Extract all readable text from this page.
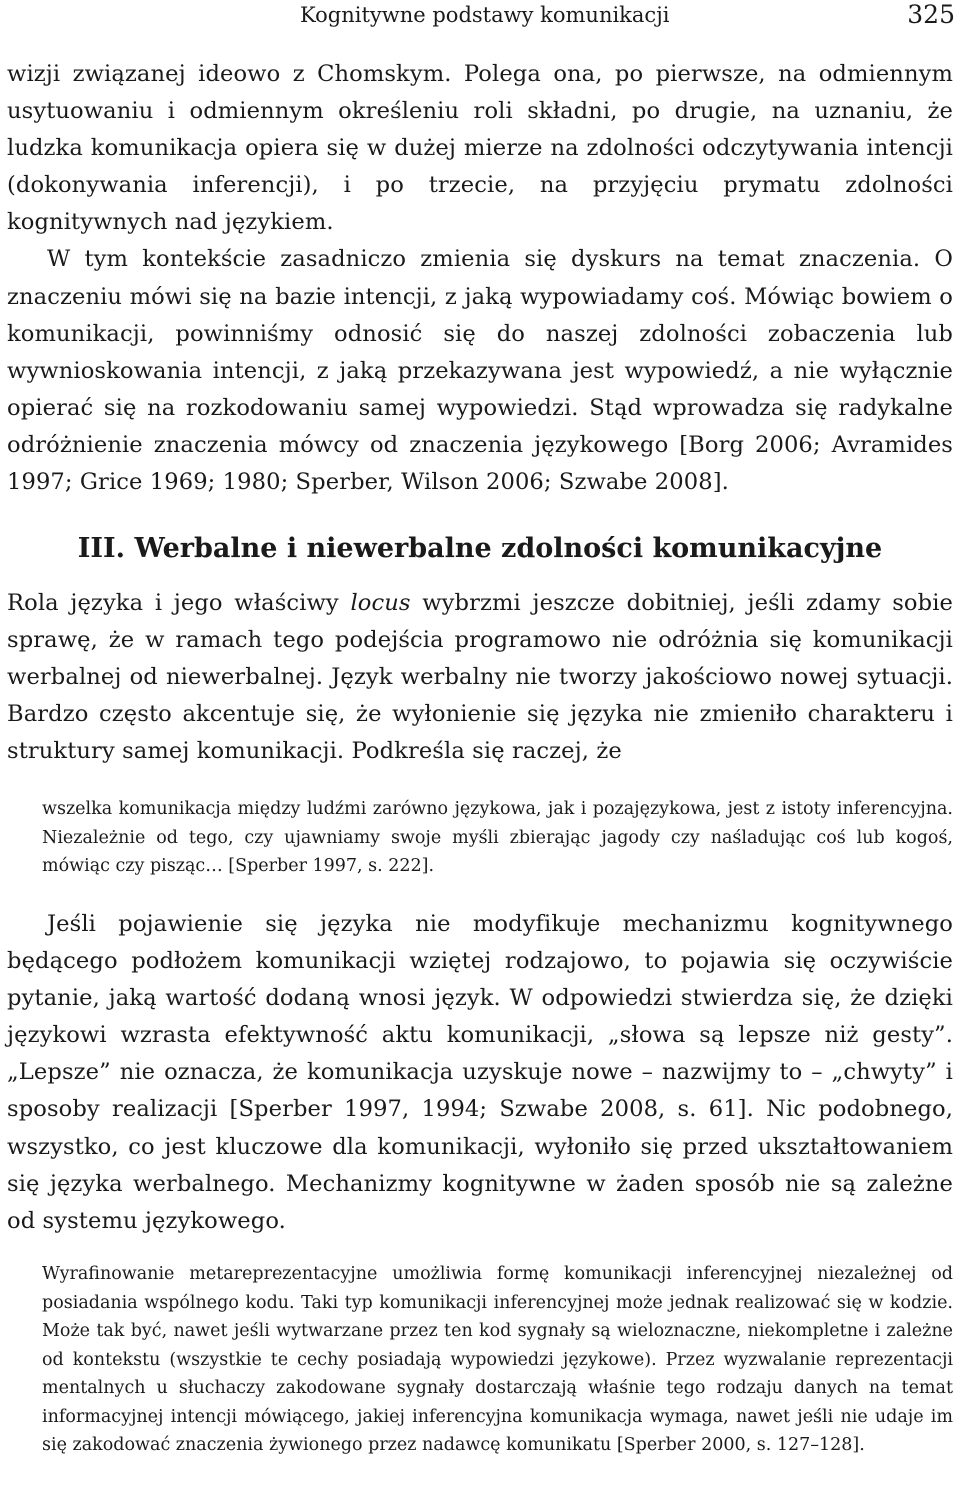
Kognitywne podstawy komunikacji	325

wizji związanej ideowo z Chomskym. Polega ona, po pierwsze, na odmiennym usytuowaniu i odmiennym określeniu roli składni, po drugie, na uznaniu, że ludzka komunikacja opiera się w dużej mierze na zdolności odczytywania intencji (dokonywania inferencji), i po trzecie, na przyjęciu prymatu zdolności kognitywnych nad językiem.

W tym kontekście zasadniczo zmienia się dyskurs na temat znaczenia. O znaczeniu mówi się na bazie intencji, z jaką wypowiadamy coś. Mówiąc bowiem o komunikacji, powinniśmy odnosić się do naszej zdolności zobaczenia lub wywnioskowania intencji, z jaką przekazywana jest wypowiedź, a nie wyłącznie opierać się na rozkodowaniu samej wypowiedzi. Stąd wprowadza się radykalne odróżnienie znaczenia mówcy od znaczenia językowego [Borg 2006; Avramides 1997; Grice 1969; 1980; Sperber, Wilson 2006; Szwabe 2008].

III. Werbalne i niewerbalne zdolności komunikacyjne

Rola języka i jego właściwy locus wybrzmi jeszcze dobitniej, jeśli zdamy sobie sprawę, że w ramach tego podejścia programowo nie odróżnia się komunikacji werbalnej od niewerbalnej. Język werbalny nie tworzy jakościowo nowej sytuacji. Bardzo często akcentuje się, że wyłonienie się języka nie zmieniło charakteru i struktury samej komunikacji. Podkreśla się raczej, że

wszelka komunikacja między ludźmi zarówno językowa, jak i pozajęzykowa, jest z istoty inferencyjna. Niezależnie od tego, czy ujawniamy swoje myśli zbierając jagody czy naśladując coś lub kogoś, mówiąc czy pisząc… [Sperber 1997, s. 222].

Jeśli pojawienie się języka nie modyfikuje mechanizmu kognitywnego będącego podłożem komunikacji wziętej rodzajowo, to pojawia się oczywiście pytanie, jaką wartość dodaną wnosi język. W odpowiedzi stwierdza się, że dzięki językowi wzrasta efektywność aktu komunikacji, „słowa są lepsze niż gesty”. „Lepsze” nie oznacza, że komunikacja uzyskuje nowe – nazwijmy to – „chwyty” i sposoby realizacji [Sperber 1997, 1994; Szwabe 2008, s. 61]. Nic podobnego, wszystko, co jest kluczowe dla komunikacji, wyłoniło się przed ukształtowaniem się języka werbalnego. Mechanizmy kognitywne w żaden sposób nie są zależne od systemu językowego.

Wyrafinowanie metareprezentacyjne umożliwia formę komunikacji inferencyjnej niezależnej od posiadania wspólnego kodu. Taki typ komunikacji inferencyjnej może jednak realizować się w kodzie. Może tak być, nawet jeśli wytwarzane przez ten kod sygnały są wieloznaczne, niekompletne i zależne od kontekstu (wszystkie te cechy posiadają wypowiedzi językowe). Przez wyzwalanie reprezentacji mentalnych u słuchaczy zakodowane sygnały dostarczają właśnie tego rodzaju danych na temat informacyjnej intencji mówiącego, jakiej inferencyjna komunikacja wymaga, nawet jeśli nie udaje im się zakodować znaczenia żywionego przez nadawcę komunikatu [Sperber 2000, s. 127–128].
